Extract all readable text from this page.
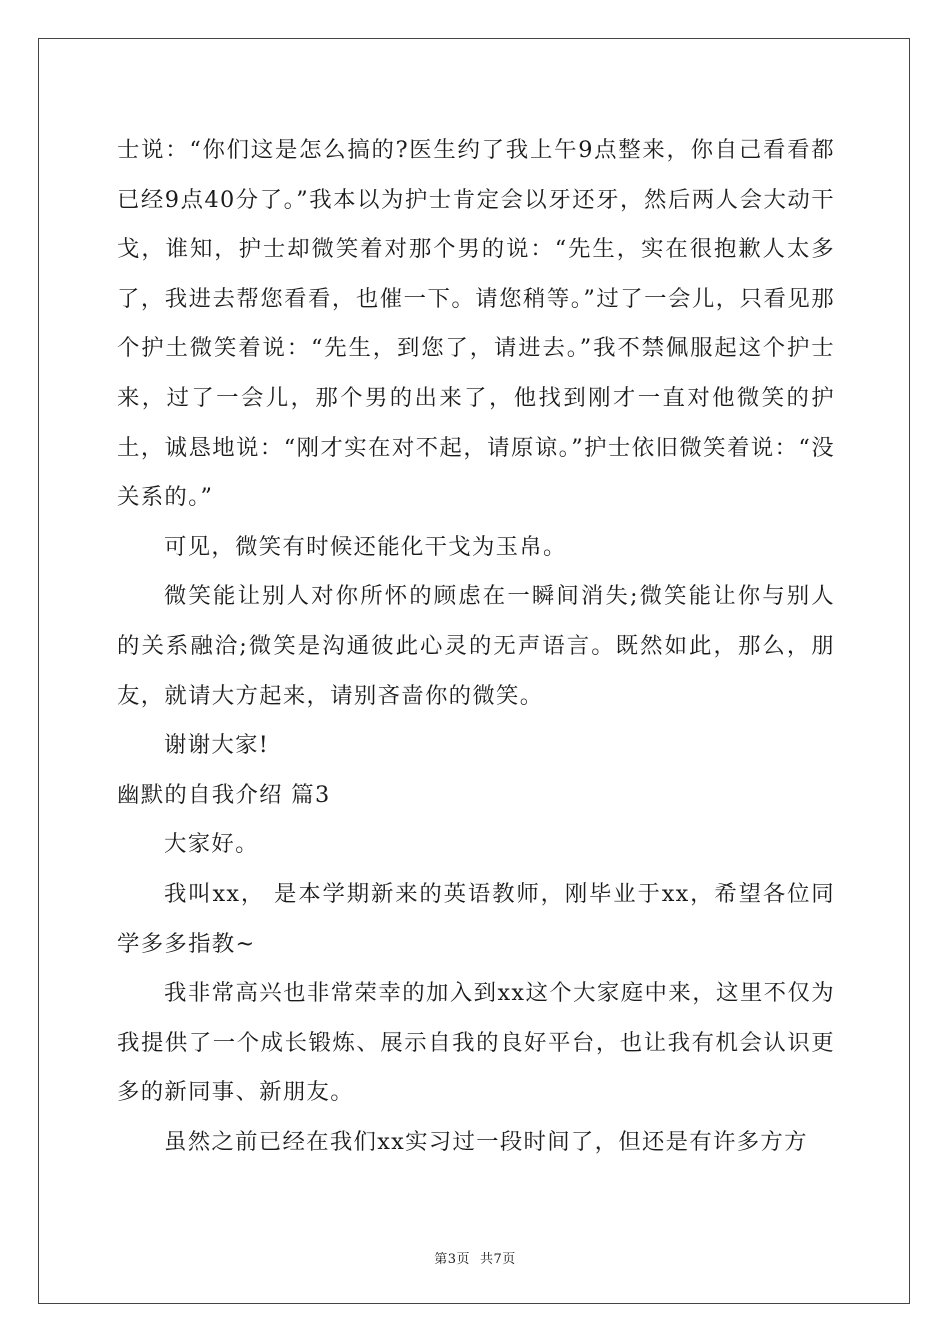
士说：“你们这是怎么搞的?医生约了我上午9点整来，你自己看看都已经9点40分了。”我本以为护士肯定会以牙还牙，然后两人会大动干戈，谁知，护士却微笑着对那个男的说：“先生，实在很抱歉人太多了，我进去帮您看看，也催一下。请您稍等。”过了一会儿，只看见那个护土微笑着说：“先生，到您了，请进去。”我不禁佩服起这个护士来，过了一会儿，那个男的出来了，他找到刚才一直对他微笑的护土，诚恳地说：“刚才实在对不起，请原谅。”护士依旧微笑着说：“没关系的。”

可见，微笑有时候还能化干戈为玉帛。

微笑能让别人对你所怀的顾虑在一瞬间消失;微笑能让你与别人的关系融洽;微笑是沟通彼此心灵的无声语言。既然如此，那么，朋友，就请大方起来，请别吝啬你的微笑。

谢谢大家!

幽默的自我介绍 篇3

大家好。

我叫xx， 是本学期新来的英语教师，刚毕业于xx，希望各位同学多多指教~

我非常高兴也非常荣幸的加入到xx这个大家庭中来，这里不仅为我提供了一个成长锻炼、展示自我的良好平台，也让我有机会认识更多的新同事、新朋友。

虽然之前已经在我们xx实习过一段时间了，但还是有许多方方

第3页 共7页
